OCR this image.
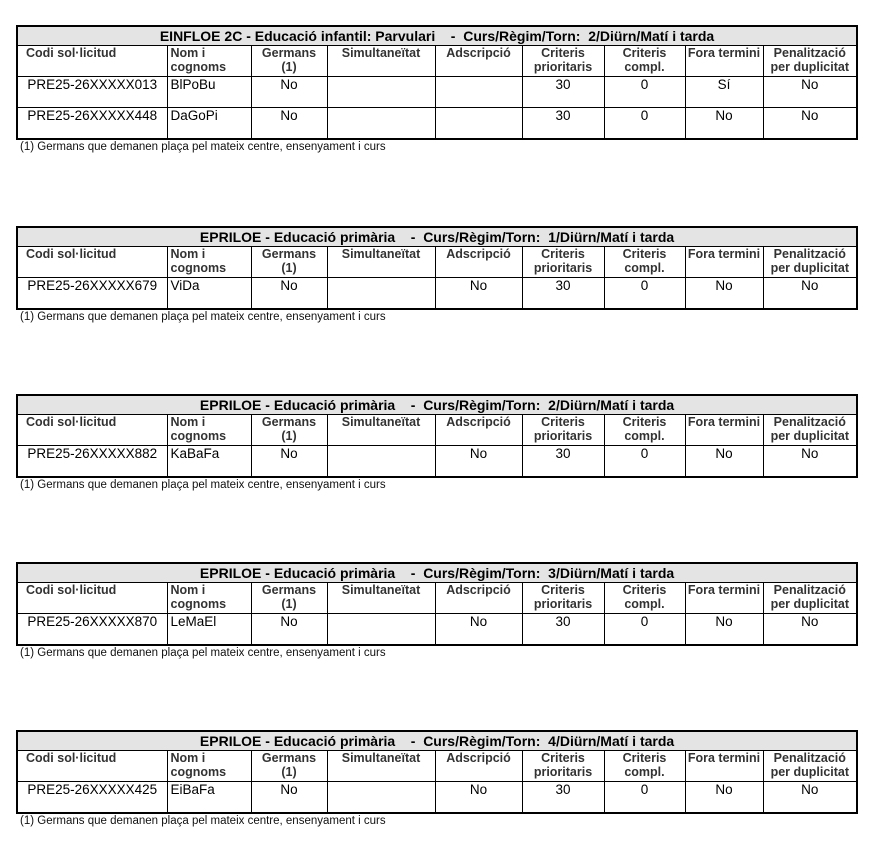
EINFLOE 2C - Educació infantil: Parvulari    -  Curs/Règim/Torn:  2/Diürn/Matí i tarda								
Codi sol·licitud	Nom i cognoms	Germans (1)	Simultaneïtat	Adscripció	Criteris prioritaris	Criteris compl.	Fora termini	Penalització per duplicitat
PRE25-26XXXXX013	BlPoBu	No			30	0	Sí	No
PRE25-26XXXXX448	DaGoPi	No			30	0	No	No
(1) Germans que demanen plaça pel mateix centre, ensenyament i curs
EPRILOE - Educació primària    -  Curs/Règim/Torn:  1/Diürn/Matí i tarda								
Codi sol·licitud	Nom i cognoms	Germans (1)	Simultaneïtat	Adscripció	Criteris prioritaris	Criteris compl.	Fora termini	Penalització per duplicitat
PRE25-26XXXXX679	ViDa	No		No	30	0	No	No
(1) Germans que demanen plaça pel mateix centre, ensenyament i curs
EPRILOE - Educació primària    -  Curs/Règim/Torn:  2/Diürn/Matí i tarda								
Codi sol·licitud	Nom i cognoms	Germans (1)	Simultaneïtat	Adscripció	Criteris prioritaris	Criteris compl.	Fora termini	Penalització per duplicitat
PRE25-26XXXXX882	KaBaFa	No		No	30	0	No	No
(1) Germans que demanen plaça pel mateix centre, ensenyament i curs
EPRILOE - Educació primària    -  Curs/Règim/Torn:  3/Diürn/Matí i tarda								
Codi sol·licitud	Nom i cognoms	Germans (1)	Simultaneïtat	Adscripció	Criteris prioritaris	Criteris compl.	Fora termini	Penalització per duplicitat
PRE25-26XXXXX870	LeMaEl	No		No	30	0	No	No
(1) Germans que demanen plaça pel mateix centre, ensenyament i curs
EPRILOE - Educació primària    -  Curs/Règim/Torn:  4/Diürn/Matí i tarda								
Codi sol·licitud	Nom i cognoms	Germans (1)	Simultaneïtat	Adscripció	Criteris prioritaris	Criteris compl.	Fora termini	Penalització per duplicitat
PRE25-26XXXXX425	EiBaFa	No		No	30	0	No	No
(1) Germans que demanen plaça pel mateix centre, ensenyament i curs
